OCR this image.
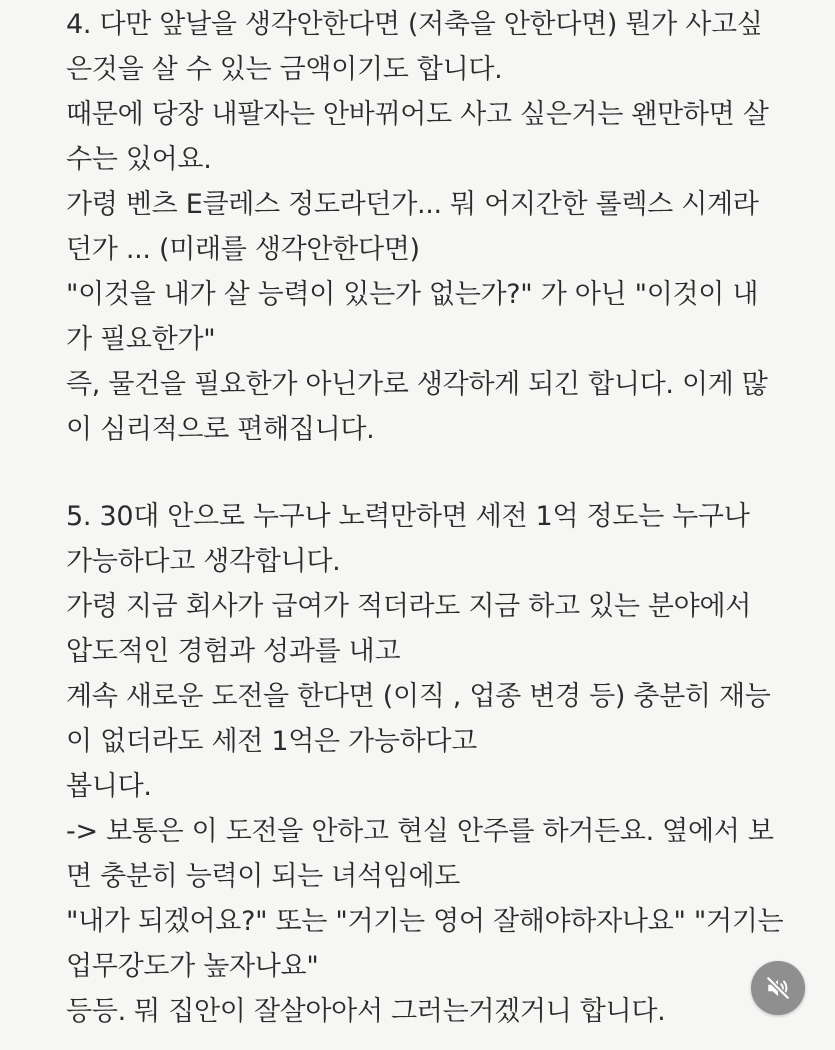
4. 다만 앞날을 생각안한다면 (저축을 안한다면) 뭔가 사고싶
은것을 살 수 있는 금액이기도 합니다.
때문에 당장 내팔자는 안바뀌어도 사고 싶은거는 왠만하면 살
수는 있어요.
가령 벤츠 E클레스 정도라던가... 뭐 어지간한 롤렉스 시계라
던가 ... (미래를 생각안한다면)
"이것을 내가 살 능력이 있는가 없는가?" 가 아닌 "이것이 내
가 필요한가"
즉, 물건을 필요한가 아닌가로 생각하게 되긴 합니다. 이게 많
이 심리적으로 편해집니다.
5. 30대 안으로 누구나 노력만하면 세전 1억 정도는 누구나
가능하다고 생각합니다.
가령 지금 회사가 급여가 적더라도 지금 하고 있는 분야에서
압도적인 경험과 성과를 내고
계속 새로운 도전을 한다면 (이직 , 업종 변경 등) 충분히 재능
이 없더라도 세전 1억은 가능하다고
봅니다.
-> 보통은 이 도전을 안하고 현실 안주를 하거든요. 옆에서 보
면 충분히 능력이 되는 녀석임에도
"내가 되겠어요?" 또는 "거기는 영어 잘해야하자나요" "거기는
업무강도가 높자나요"
등등. 뭐 집안이 잘살아아서 그러는거겠거니 합니다.
